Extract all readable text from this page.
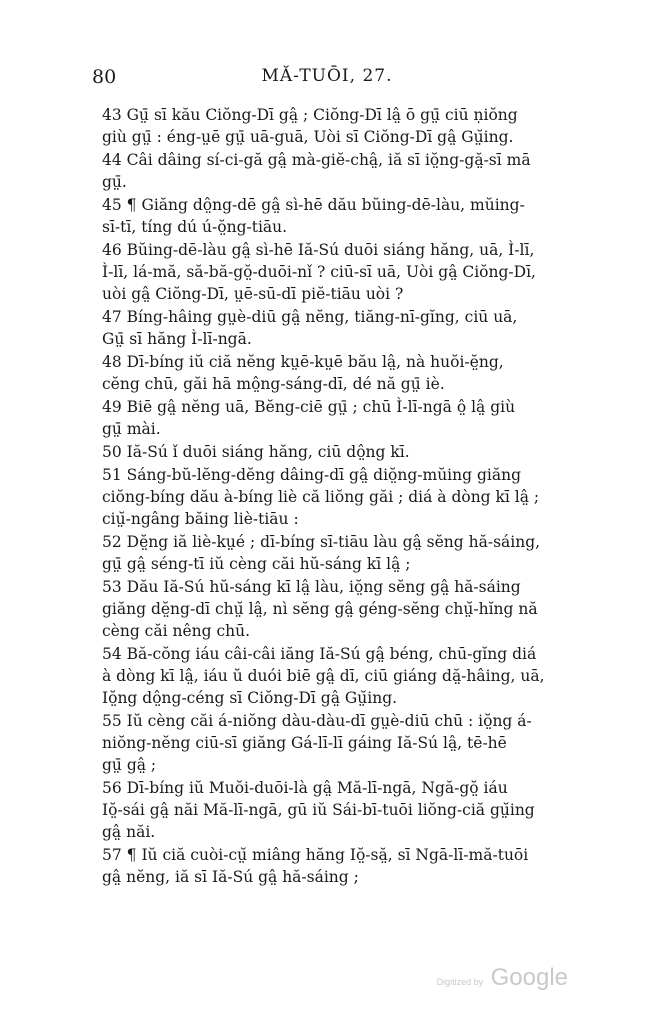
80	MĂ-TUŌI, 27.
43 Gṳ̄ sī kău Ciŏng-Dī gâ̤ ; Ciŏng-Dī lâ̤ ō gṳ̄ ciū ṇiŏng
giù gṳ̄ : éng-ṳē gṳ̄ uā-guā, Uòi sī Ciŏng-Dī gâ̤ Gṳ̆ing.
44 Câi dâing sí-ci-gă gâ̤ mà-giĕ-châ̤, iă sī iŏ̤ng-gă̤-sī mā
gṳ̄.
45 ¶ Giăng dô̤ng-dē gâ̤ sì-hē dău bŭing-dē-làu, mŭing-
sī-tī, tíng dú ú-ŏ̤ng-tiāu.
46 Bŭing-dē-làu gâ̤ sì-hē Iă-Sú duōi siáng hăng, uā, Ì-lī,
Ì-lī, lá-mă, să-bă-gŏ̤-duōi-nǐ ? ciū-sī uā, Uòi gâ̤ Ciŏng-Dī,
uòi gâ̤ Ciŏng-Dī, ṳē-sū-dī piĕ-tiāu uòi ?
47 Bíng-hâing gṳè-diū gâ̤ nĕng, tiăng-nī-gĭng, ciū uā,
Gṳ̄ sī hăng Ì-lī-ngā.
48 Dī-bíng iŭ ciă nĕng kṳē-kṳē bău lâ̤, nà huŏi-ĕ̤ng,
cĕng chū, găi hā mô̤ng-sáng-dī, dé nă gṳ̄ iè.
49 Biē gâ̤ nĕng uā, Bĕng-ciē gṳ̄ ; chū Ì-lī-ngā ô̤ lâ̤ giù
gṳ̄ mài.
50 Iă-Sú ǐ duōi siáng hăng, ciū dô̤ng kī.
51 Sáng-bŭ-lĕng-dĕng dâing-dī gâ̤ diŏ̤ng-mŭing giăng
ciŏng-bíng dău à-bíng liè că liŏng găi ; diá à dòng kī lâ̤ ;
ciṳ̆-ngâng băing liè-tiāu :
52 Dĕ̤ng iă liè-kṳé ; dī-bíng sī-tiāu làu gâ̤ sĕng hă-sáing,
gṳ̄ gâ̤ séng-tī iŭ cèng căi hŭ-sáng kī lâ̤ ;
53 Dău Iă-Sú hŭ-sáng kī lâ̤ làu, iŏ̤ng sĕng gâ̤ hă-sáing
giăng dĕ̤ng-dī chṳ̆ lâ̤, nì sĕng gâ̤ géng-sĕng chṳ̆-hĭng nă
cèng căi nêng chū.
54 Bă-cŏng iáu câi-câi iăng Iă-Sú gâ̤ béng, chū-gĭng diá
à dòng kī lâ̤, iáu ŭ duói biē gâ̤ dī, ciū giáng dă̤-hâing, uā,
Iŏ̤ng dô̤ng-céng sī Ciŏng-Dī gâ̤ Gṳ̆ing.
55 Iŭ cèng căi á-niŏng dàu-dàu-dī gṳè-diū chū : iŏ̤ng á-
niŏng-nĕng ciū-sī giăng Gá-lī-lī gáing Iă-Sú lâ̤, tē-hē
gṳ̄ gâ̤ ;
56 Dī-bíng iŭ Muŏi-duōi-là gâ̤ Mă-lī-ngā, Ngă-gŏ̤ iáu
Iŏ̤-sái gâ̤ năi Mă-lī-ngā, gū iŭ Sái-bī-tuōi liŏng-ciă gṳ̆ing
gâ̤ năi.
57 ¶ Iŭ ciă cuòi-cṳ̆ miâng hăng Iŏ̤-să̤, sī Ngā-lī-mă-tuōi
gâ̤ nĕng, iă sī Iă-Sú gâ̤ hă-sáing ;
Digitized by Google
